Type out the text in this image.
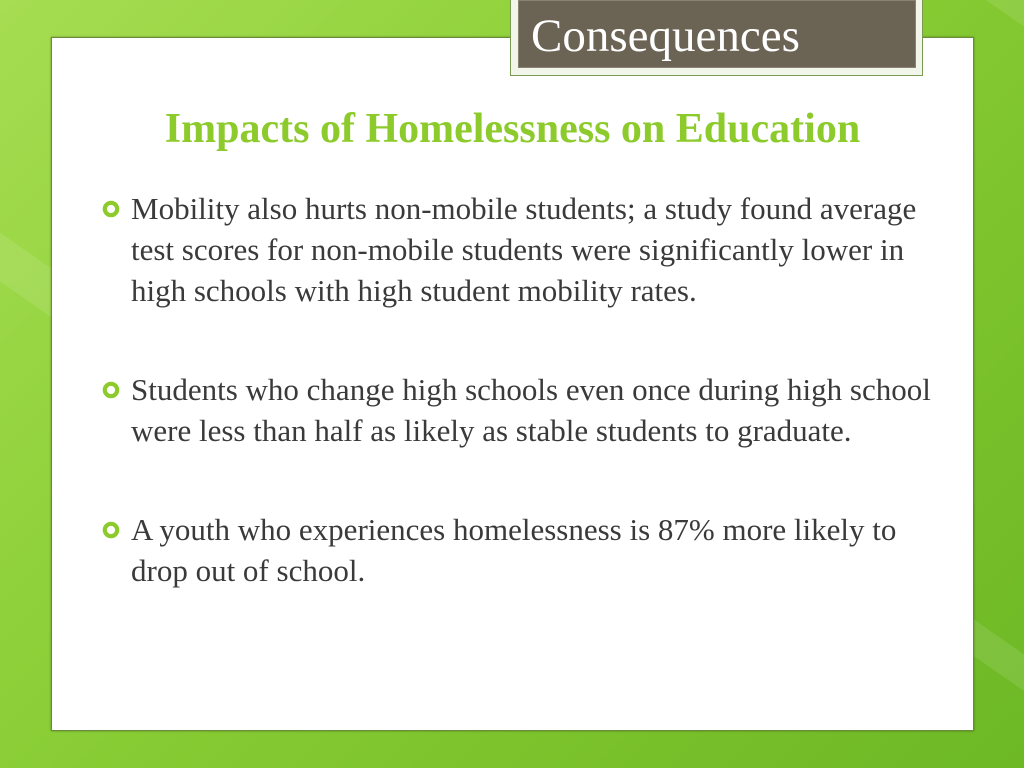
Impacts of Homelessness on Education
Mobility also hurts non-mobile students; a study found average test scores for non-mobile students were significantly lower in high schools with high student mobility rates.
Students who change high schools even once during high school were less than half as likely as stable students to graduate.
A youth who experiences homelessness is 87% more likely to drop out of school.
Consequences
